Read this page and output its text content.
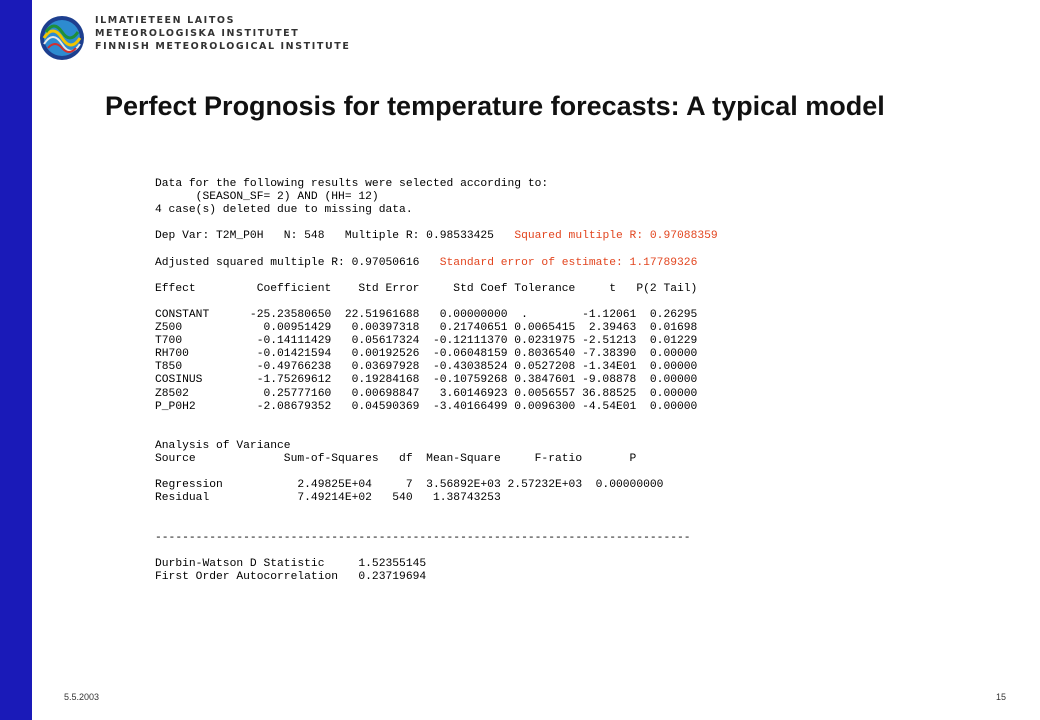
ILMATIETEEN LAITOS
METEOROLOGISKA INSTITUTET
FINNISH METEOROLOGICAL INSTITUTE
Perfect Prognosis for temperature forecasts: A typical model
Data for the following results were selected according to:
(SEASON_SF= 2) AND (HH= 12)
4 case(s) deleted due to missing data.

Dep Var: T2M_P0H   N: 548   Multiple R: 0.98533425   Squared multiple R: 0.97088359

Adjusted squared multiple R: 0.97050616   Standard error of estimate: 1.17789326

Effect         Coefficient    Std Error     Std Coef Tolerance     t   P(2 Tail)

CONSTANT      -25.23580650  22.51961688   0.00000000  .        -1.12061  0.26295
Z500            0.00951429   0.00397318   0.21740651 0.0065415  2.39463  0.01698
T700           -0.14111429   0.05617324  -0.12111370 0.0231975 -2.51213  0.01229
RH700          -0.01421594   0.00192526  -0.06048159 0.8036540 -7.38390  0.00000
T850           -0.49766238   0.03697928  -0.43038524 0.0527208 -1.34E01  0.00000
COSINUS        -1.75269612   0.19284168  -0.10759268 0.3847601 -9.08878  0.00000
Z8502           0.25777160   0.00698847   3.60146923 0.0056557 36.88525  0.00000
P_P0H2         -2.08679352   0.04590369  -3.40166499 0.0096300 -4.54E01  0.00000

Analysis of Variance
Source             Sum-of-Squares   df  Mean-Square     F-ratio       P

Regression           2.49825E+04     7  3.56892E+03 2.57232E+03  0.00000000
Residual             7.49214E+02   540   1.38743253

-------------------------------------------------------------------------------

Durbin-Watson D Statistic     1.52355145
First Order Autocorrelation   0.23719694
5.5.2003	15
